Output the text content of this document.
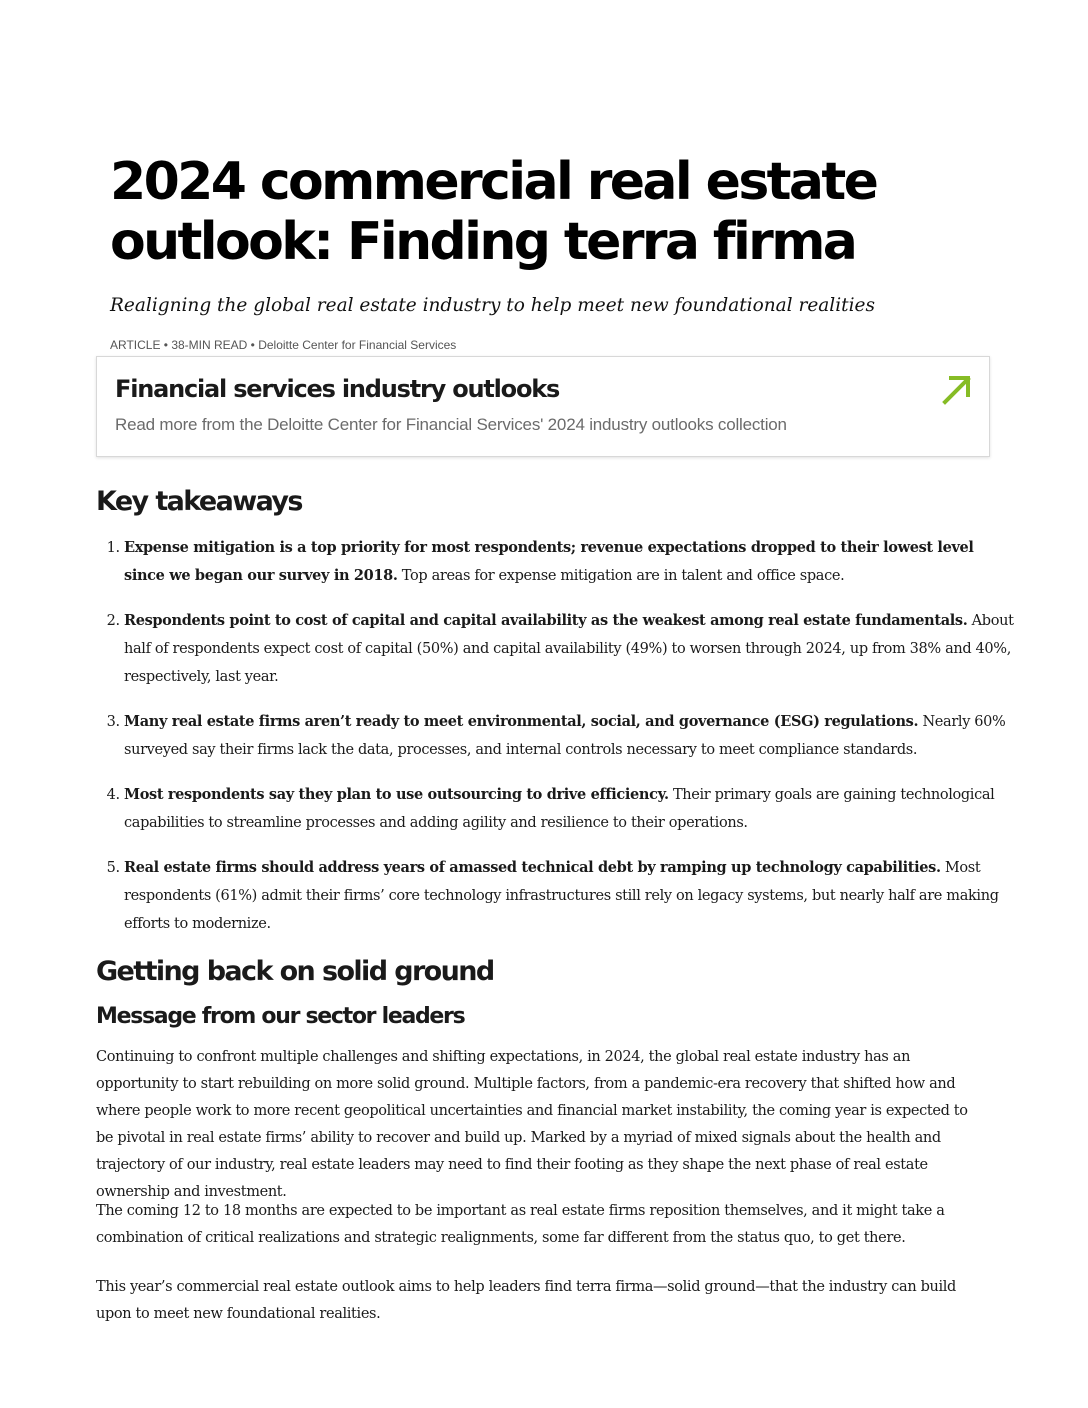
2024 commercial real estate outlook: Finding terra firma

Realigning the global real estate industry to help meet new foundational realities

ARTICLE • 38-MIN READ • Deloitte Center for Financial Services

Financial services industry outlooks
Read more from the Deloitte Center for Financial Services' 2024 industry outlooks collection
Key takeaways
1. Expense mitigation is a top priority for most respondents; revenue expectations dropped to their lowest level since we began our survey in 2018. Top areas for expense mitigation are in talent and office space.
2. Respondents point to cost of capital and capital availability as the weakest among real estate fundamentals. About half of respondents expect cost of capital (50%) and capital availability (49%) to worsen through 2024, up from 38% and 40%, respectively, last year.
3. Many real estate firms aren’t ready to meet environmental, social, and governance (ESG) regulations. Nearly 60% surveyed say their firms lack the data, processes, and internal controls necessary to meet compliance standards.
4. Most respondents say they plan to use outsourcing to drive efficiency. Their primary goals are gaining technological capabilities to streamline processes and adding agility and resilience to their operations.
5. Real estate firms should address years of amassed technical debt by ramping up technology capabilities. Most respondents (61%) admit their firms’ core technology infrastructures still rely on legacy systems, but nearly half are making efforts to modernize.
Getting back on solid ground
Message from our sector leaders

Continuing to confront multiple challenges and shifting expectations, in 2024, the global real estate industry has an opportunity to start rebuilding on more solid ground. Multiple factors, from a pandemic-era recovery that shifted how and where people work to more recent geopolitical uncertainties and financial market instability, the coming year is expected to be pivotal in real estate firms’ ability to recover and build up. Marked by a myriad of mixed signals about the health and trajectory of our industry, real estate leaders may need to find their footing as they shape the next phase of real estate ownership and investment.

The coming 12 to 18 months are expected to be important as real estate firms reposition themselves, and it might take a combination of critical realizations and strategic realignments, some far different from the status quo, to get there.

This year’s commercial real estate outlook aims to help leaders find terra firma—solid ground—that the industry can build upon to meet new foundational realities.
